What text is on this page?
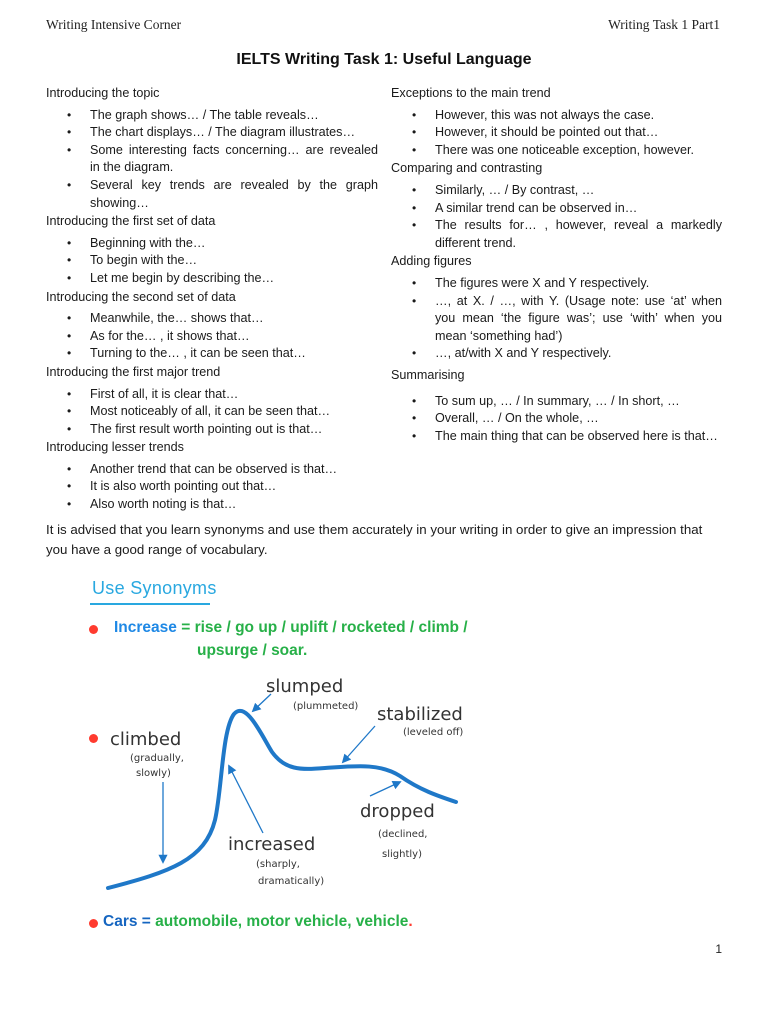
Writing Intensive Corner	Writing Task 1 Part1
IELTS Writing Task 1: Useful Language
Introducing the topic
• The graph shows… / The table reveals…
• The chart displays… / The diagram illustrates…
• Some interesting facts concerning… are revealed in the diagram.
• Several key trends are revealed by the graph showing…
Introducing the first set of data
• Beginning with the…
• To begin with the…
• Let me begin by describing the…
Introducing the second set of data
• Meanwhile, the… shows that…
• As for the… , it shows that…
• Turning to the… , it can be seen that…
Introducing the first major trend
• First of all, it is clear that…
• Most noticeably of all, it can be seen that…
• The first result worth pointing out is that…
Introducing lesser trends
• Another trend that can be observed is that…
• It is also worth pointing out that…
• Also worth noting is that…
Exceptions to the main trend
• However, this was not always the case.
• However, it should be pointed out that…
• There was one noticeable exception, however.
Comparing and contrasting
• Similarly, … / By contrast, …
• A similar trend can be observed in…
• The results for… , however, reveal a markedly different trend.
Adding figures
• The figures were X and Y respectively.
• …, at X. / …, with Y. (Usage note: use ‘at’ when you mean ‘the figure was’; use ‘with’ when you mean ‘something had’)
• …, at/with X and Y respectively.
Summarising
• To sum up, … / In summary, … / In short, …
• Overall, … / On the whole, …
• The main thing that can be observed here is that…
It is advised that you learn synonyms and use them accurately in your writing in order to give an impression that you have a good range of vocabulary.
Use Synonyms
Increase = rise / go up / uplift / rocketed / climb /
upsurge / soar.
slumped
(plummeted) stabilized
(leveled off)
climbed
(gradually,
slowly)
increased
(sharply,
dramatically)
dropped
(declined,
slightly)
Cars = automobile, motor vehicle, vehicle.
1
